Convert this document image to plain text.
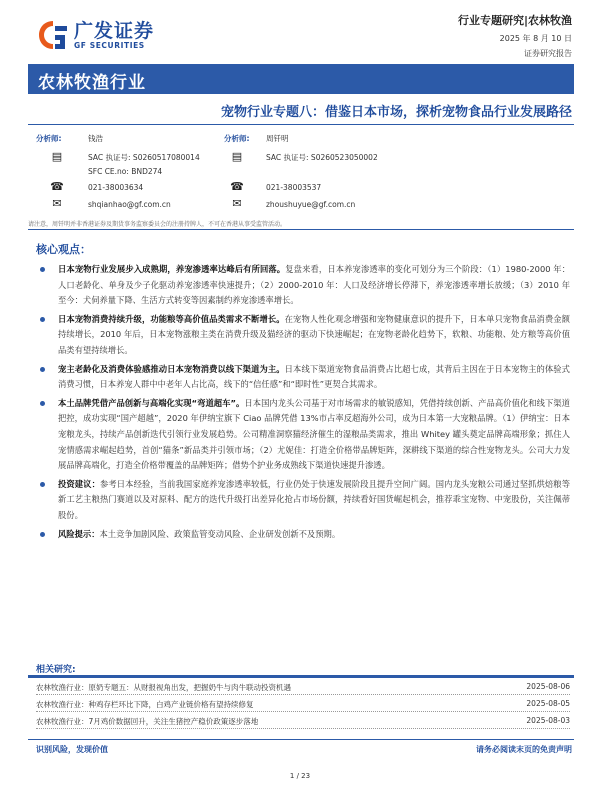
广发证券
GF SECURITIES
行业专题研究|农林牧渔
2025 年 8 月 10 日
证券研究报告
农林牧渔行业
宠物行业专题八：借鉴日本市场，探析宠物食品行业发展路径
分析师:	钱浩
▤	SAC 执证号: S0260517080014
SFC CE.no: BND274
☎	021-38003634
✉	shqianhao@gf.com.cn
分析师: 周钎明
▤	SAC 执证号: S0260523050002
☎	021-38003537
✉	zhoushuyue@gf.com.cn
请注意，周钎明并非香港证券及期货事务监察委员会的注册持牌人，不可在香港从事受监管活动。
核心观点：
日本宠物行业发展步入成熟期，养宠渗透率达峰后有所回落。复盘来看，日本养宠渗透率的变化可划分为三个阶段：（1）1980-2000 年：人口老龄化、单身及少子化驱动养宠渗透率快速提升；（2）2000-2010 年：人口及经济增长停滞下，养宠渗透率增长放缓；（3）2010 年至今：犬伺养量下降、生活方式转变等因素制约养宠渗透率增长。
日本宠物消费持续升级，功能粮等高价值品类需求不断增长。在宠物人性化观念增强和宠物健康意识的提升下，日本单只宠物食品消费金额持续增长，2010 年后，日本宠物涨粮主类在消费升级及猫经济的驱动下快速崛起；在宠物老龄化趋势下，软粮、功能粮、处方粮等高价值品类有望持续增长。
宠主老龄化及消费体验感推动日本宠物消费以线下渠道为主。日本线下渠道宠物食品消费占比超七成，其背后主因在于日本宠物主的体验式消费习惯，日本养宠人群中中老年人占比高，线下的“信任感”和“即时性”更契合其需求。
本土品牌凭借产品创新与高端化实现“弯道超车”。日本国内龙头公司基于对市场需求的敏锐感知，凭借持续创新、产品高价值化和线下渠道把控，成功实现“国产超越”，2020 年伊纳宝旗下 Ciao 品牌凭借 13%市占率反超海外公司，成为日本第一大宠粮品牌。（1）伊纳宝：日本宠粮龙头，持续产品创新迭代引领行业发展趋势。公司精准洞察猫经济催生的湿粮品类需求，推出 Whitey 罐头奠定品牌高端形象；抓住人宠情感需求崛起趋势，首创“猫条”新品类并引领市场；（2）尤妮佳：打造全价格带品牌矩阵，深耕线下渠道的综合性宠物龙头。公司大力发展品牌高端化，打造全价格带覆盖的品牌矩阵；借势个护业务成熟线下渠道快速提升渗透。
投资建议：参考日本经验，当前我国家庭养宠渗透率较低，行业仍处于快速发展阶段且提升空间广阔。国内龙头宠粮公司通过坚抓烘焙粮等新工艺主粮热门赛道以及对原料、配方的迭代升级打出差异化抢占市场份额，持续看好国货崛起机会，推荐乖宝宠物、中宠股份，关注佩蒂股份。
风险提示：本土竞争加剧风险、政策监管变动风险、企业研发创新不及预期。
相关研究:
农林牧渔行业：原奶专题五：从财报视角出发，把握奶牛与肉牛联动投资机遇	2025-08-06
农林牧渔行业：种鸡存栏环比下降，白鸡产业链价格有望持续修复	2025-08-05
农林牧渔行业：7月鸡价数据回升，关注生猪控产稳价政策逐步落地	2025-08-03
识别风险，发现价值	请务必阅读末页的免责声明
1 / 23
